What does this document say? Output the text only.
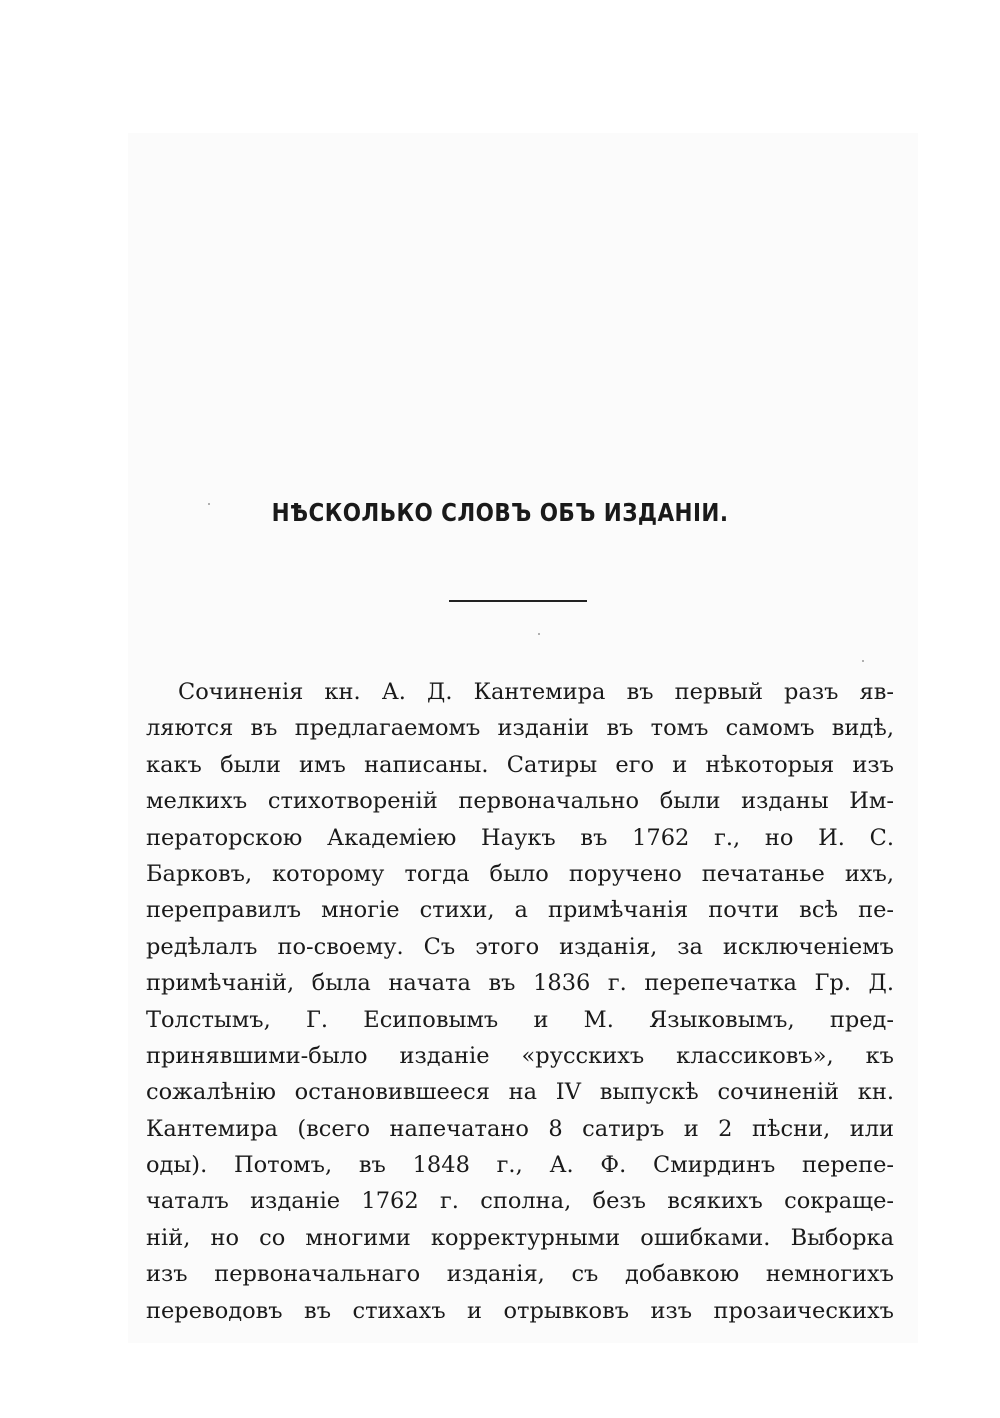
НѢСКОЛЬКО СЛОВЪ ОБЪ ИЗДАНІИ.
Сочиненія кн. А. Д. Кантемира въ первый разъ яв-
ляются въ предлагаемомъ изданіи въ томъ самомъ видѣ,
какъ были имъ написаны. Сатиры его и нѣкоторыя изъ
мелкихъ стихотвореній первоначально были изданы Им-
ператорскою Академіею Наукъ въ 1762 г., но И. С.
Барковъ, которому тогда было поручено печатанье ихъ,
переправилъ многіе стихи, а примѣчанія почти всѣ пе-
редѣлалъ по-своему. Съ этого изданія, за исключеніемъ
примѣчаній, была начата въ 1836 г. перепечатка Гр. Д.
Толстымъ, Г. Есиповымъ и М. Языковымъ, пред-
принявшими-было изданіе «русскихъ классиковъ», къ
сожалѣнію остановившееся на IV выпускѣ сочиненій кн.
Кантемира (всего напечатано 8 сатиръ и 2 пѣсни, или
оды). Потомъ, въ 1848 г., А. Ф. Смирдинъ перепе-
чаталъ изданіе 1762 г. сполна, безъ всякихъ сокраще-
ній, но со многими корректурными ошибками. Выборка
изъ первоначальнаго изданія, съ добавкою немногихъ
переводовъ въ стихахъ и отрывковъ изъ прозаическихъ
